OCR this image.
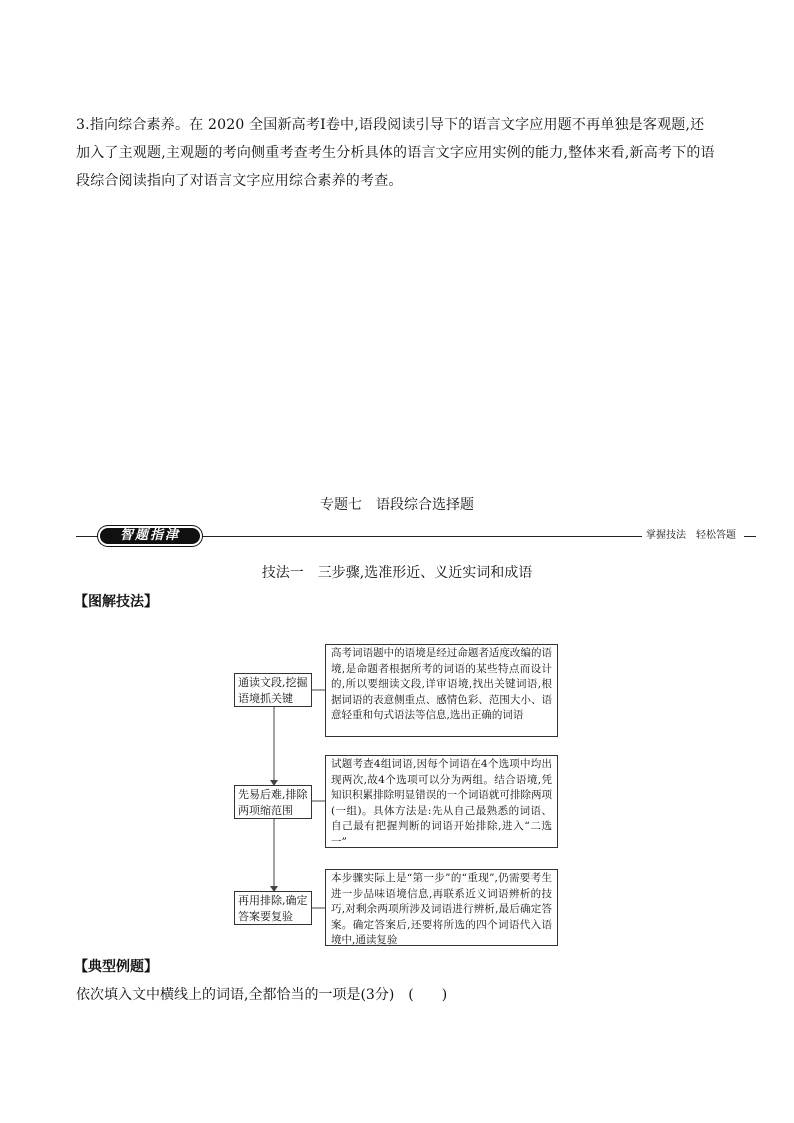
3.指向综合素养。在 2020 全国新高考Ⅰ卷中,语段阅读引导下的语言文字应用题不再单独是客观题,还加入了主观题,主观题的考向侧重考查考生分析具体的语言文字应用实例的能力,整体来看,新高考下的语段综合阅读指向了对语言文字应用综合素养的考查。

专题七　语段综合选择题
智题指津	掌握技法　轻松答题
技法一　三步骤,选准形近、义近实词和成语
【图解技法】
通读文段,挖掘语境抓关键
高考词语题中的语境是经过命题者适度改编的语境,是命题者根据所考的词语的某些特点而设计的,所以要细读文段,详审语境,找出关键词语,根据词语的表意侧重点、感情色彩、范围大小、语意轻重和句式语法等信息,选出正确的词语
先易后难,排除两项缩范围
试题考查4组词语,因每个词语在4个选项中均出现两次,故4个选项可以分为两组。结合语境,凭知识积累排除明显错误的一个词语就可排除两项(一组)。具体方法是:先从自己最熟悉的词语、自己最有把握判断的词语开始排除,进入“二选一”
再用排除,确定答案要复验
本步骤实际上是“第一步”的“重现”,仍需要考生进一步品味语境信息,再联系近义词语辨析的技巧,对剩余两项所涉及词语进行辨析,最后确定答案。确定答案后,还要将所选的四个词语代入语境中,通读复验
【典型例题】
依次填入文中横线上的词语,全都恰当的一项是(3分)　(　　)
